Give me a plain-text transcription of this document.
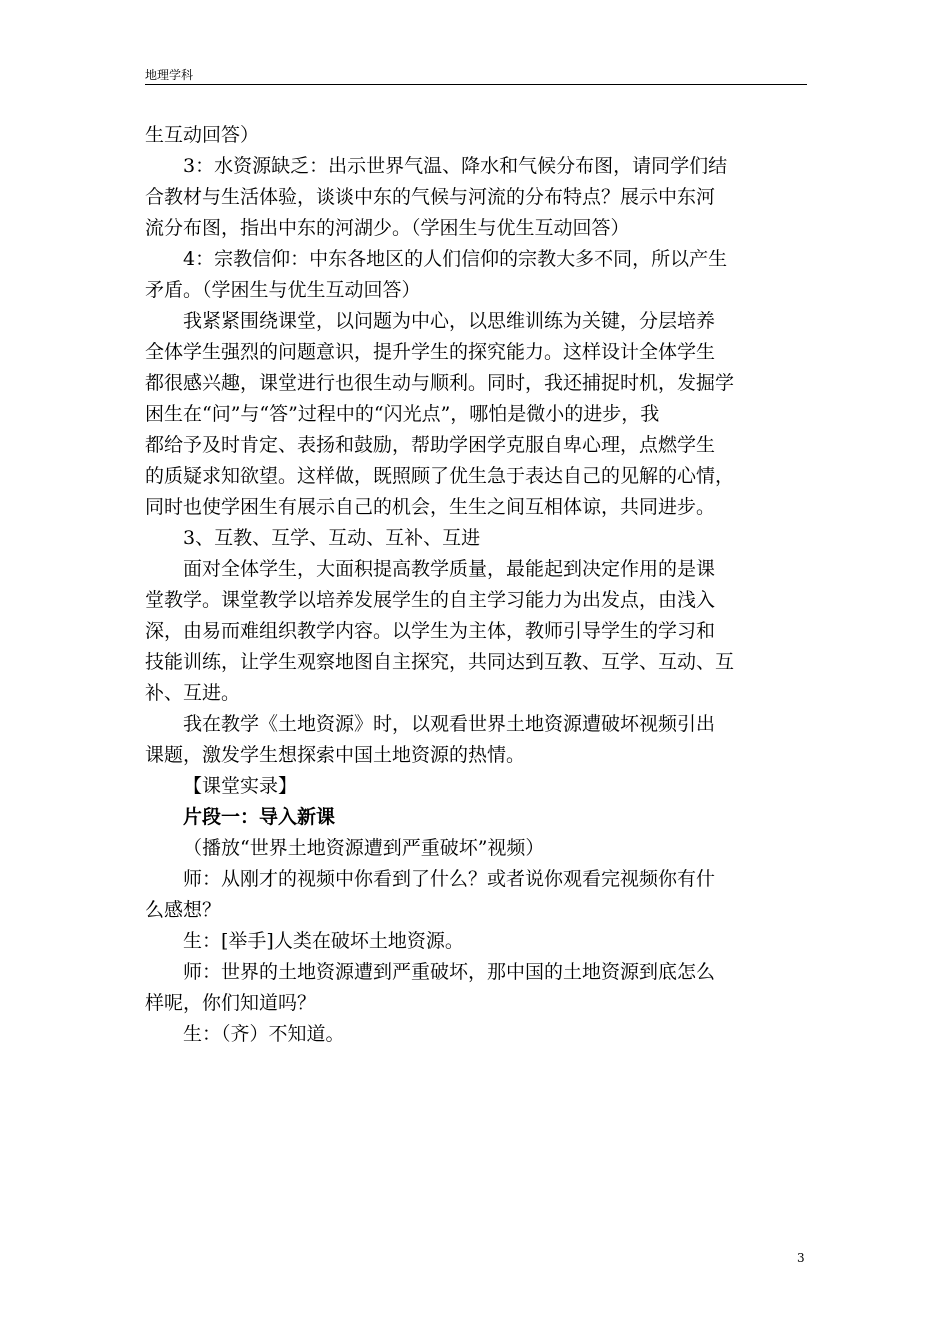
地理学科
生互动回答）
3：水资源缺乏：出示世界气温、降水和气候分布图，请同学们结
合教材与生活体验，谈谈中东的气候与河流的分布特点？展示中东河
流分布图，指出中东的河湖少。（学困生与优生互动回答）
4：宗教信仰：中东各地区的人们信仰的宗教大多不同，所以产生
矛盾。（学困生与优生互动回答）
我紧紧围绕课堂，以问题为中心，以思维训练为关键，分层培养
全体学生强烈的问题意识，提升学生的探究能力。这样设计全体学生
都很感兴趣，课堂进行也很生动与顺利。同时，我还捕捉时机，发掘学
困生在“问”与“答”过程中的“闪光点”，哪怕是微小的进步，我
都给予及时肯定、表扬和鼓励，帮助学困学克服自卑心理，点燃学生
的质疑求知欲望。这样做，既照顾了优生急于表达自己的见解的心情，
同时也使学困生有展示自己的机会，生生之间互相体谅，共同进步。
3、互教、互学、互动、互补、互进
面对全体学生，大面积提高教学质量，最能起到决定作用的是课
堂教学。课堂教学以培养发展学生的自主学习能力为出发点，由浅入
深，由易而难组织教学内容。以学生为主体，教师引导学生的学习和
技能训练，让学生观察地图自主探究，共同达到互教、互学、互动、互
补、互进。
我在教学《土地资源》时，以观看世界土地资源遭破坏视频引出
课题，激发学生想探索中国土地资源的热情。
【课堂实录】
片段一：导入新课
（播放“世界土地资源遭到严重破坏”视频）
师：从刚才的视频中你看到了什么？或者说你观看完视频你有什
么感想？
生：[举手]人类在破坏土地资源。
师：世界的土地资源遭到严重破坏，那中国的土地资源到底怎么
样呢，你们知道吗？
生：（齐）不知道。
3
